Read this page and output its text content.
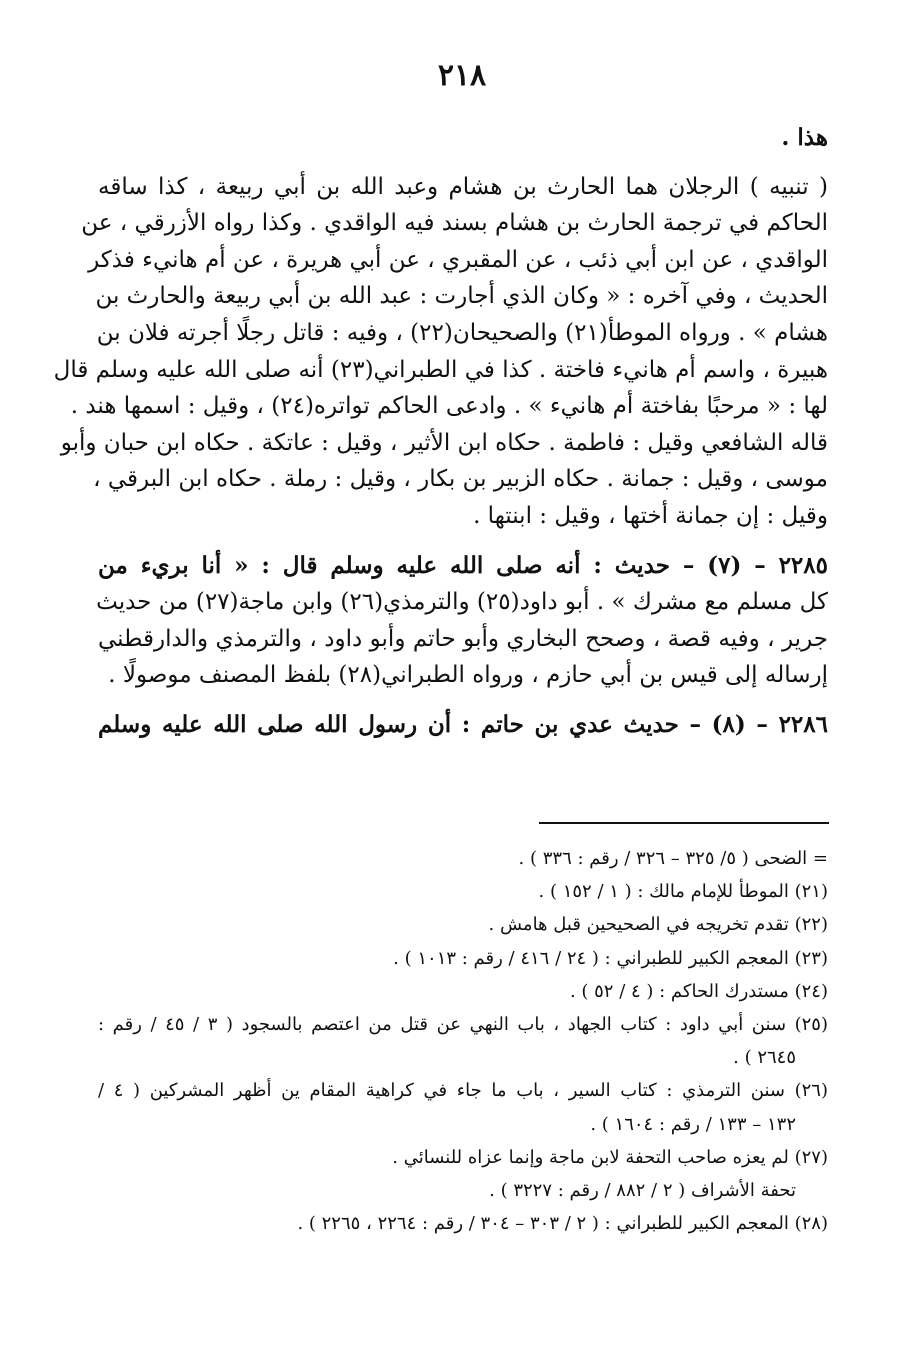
٢١٨
هذا .
( تنبيه ) الرجلان هما الحارث بن هشام وعبد الله بن أبي ربيعة ، كذا ساقه
الحاكم في ترجمة الحارث بن هشام بسند فيه الواقدي . وكذا رواه الأزرقي ، عن
الواقدي ، عن ابن أبي ذئب ، عن المقبري ، عن أبي هريرة ، عن أم هانيء فذكر
الحديث ، وفي آخره : « وكان الذي أجارت : عبد الله بن أبي ربيعة والحارث بن
هشام » . ورواه الموطأ(٢١) والصحيحان(٢٢) ، وفيه : قاتل رجلًا أجرته فلان بن
هبيرة ، واسم أم هانيء فاختة . كذا في الطبراني(٢٣) أنه صلى الله عليه وسلم قال
لها : « مرحبًا بفاختة أم هانيء » . وادعى الحاكم تواتره(٢٤) ، وقيل : اسمها هند .
قاله الشافعي وقيل : فاطمة . حكاه ابن الأثير ، وقيل : عاتكة . حكاه ابن حبان وأبو
موسى ، وقيل : جمانة . حكاه الزبير بن بكار ، وقيل : رملة . حكاه ابن البرقي ،
وقيل : إن جمانة أختها ، وقيل : ابنتها .
٢٢٨٥ – (٧) – حديث : أنه صلى الله عليه وسلم قال : « أنا بريء من
كل مسلم مع مشرك » . أبو داود(٢٥) والترمذي(٢٦) وابن ماجة(٢٧) من حديث
جرير ، وفيه قصة ، وصحح البخاري وأبو حاتم وأبو داود ، والترمذي والدارقطني
إرساله إلى قيس بن أبي حازم ، ورواه الطبراني(٢٨) بلفظ المصنف موصولًا .
٢٢٨٦ – (٨) – حديث عدي بن حاتم : أن رسول الله صلى الله عليه وسلم
= الضحى ( ٥/ ٣٢٥ – ٣٢٦ / رقم : ٣٣٦ ) .
(٢١) الموطأ للإمام مالك : ( ١ / ١٥٢ ) .
(٢٢) تقدم تخريجه في الصحيحين قبل هامش .
(٢٣) المعجم الكبير للطبراني : ( ٢٤ / ٤١٦ / رقم : ١٠١٣ ) .
(٢٤) مستدرك الحاكم : ( ٤ / ٥٢ ) .
(٢٥) سنن أبي داود : كتاب الجهاد ، باب النهي عن قتل من اعتصم بالسجود ( ٣ / ٤٥ / رقم :
٢٦٤٥ ) .
(٢٦) سنن الترمذي : كتاب السير ، باب ما جاء في كراهية المقام ين أظهر المشركين ( ٤ /
١٣٢ – ١٣٣ / رقم : ١٦٠٤ ) .
(٢٧) لم يعزه صاحب التحفة لابن ماجة وإنما عزاه للنسائي .
تحفة الأشراف ( ٢ / ٨٨٢ / رقم : ٣٢٢٧ ) .
(٢٨) المعجم الكبير للطبراني : ( ٢ / ٣٠٣ – ٣٠٤ / رقم : ٢٢٦٤ ، ٢٢٦٥ ) .
